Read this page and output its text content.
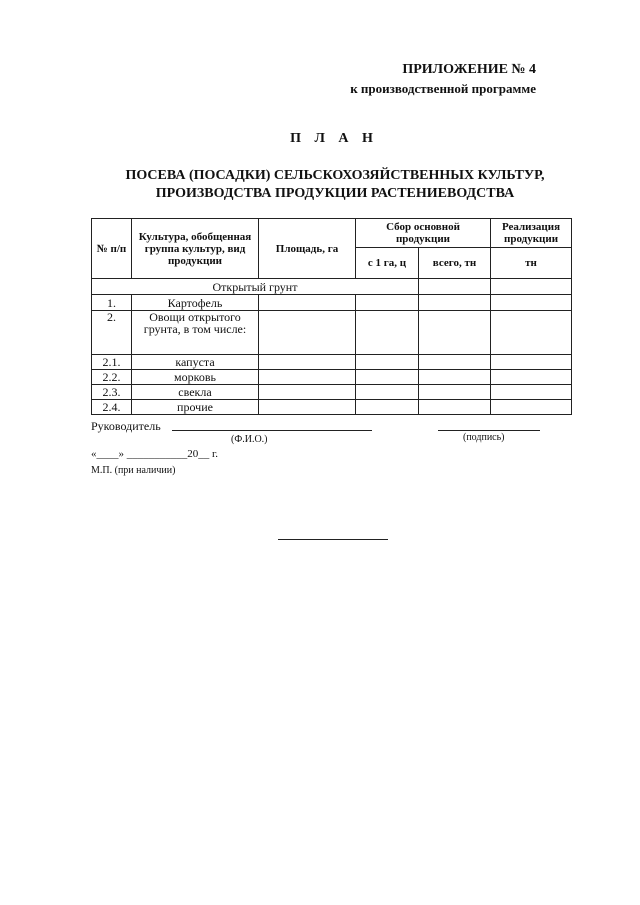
ПРИЛОЖЕНИЕ № 4
к производственной программе
П Л А Н
ПОСЕВА (ПОСАДКИ) СЕЛЬСКОХОЗЯЙСТВЕННЫХ КУЛЬТУР, ПРОИЗВОДСТВА ПРОДУКЦИИ РАСТЕНИЕВОДСТВА
№ п/п	Культура, обобщенная группа культур, вид продукции	Площадь, га	Сбор основной продукции		Реализация продукции
			с 1 га, ц	всего, тн	тн
Открытый грунт					
1.	Картофель				
2.	Овощи открытого грунта, в том числе:				
2.1.	капуста				
2.2.	морковь				
2.3.	свекла				
2.4.	прочие				
Руководитель
(Ф.И.О.)	(подпись)
«____» ___________20__ г.
М.П. (при наличии)
